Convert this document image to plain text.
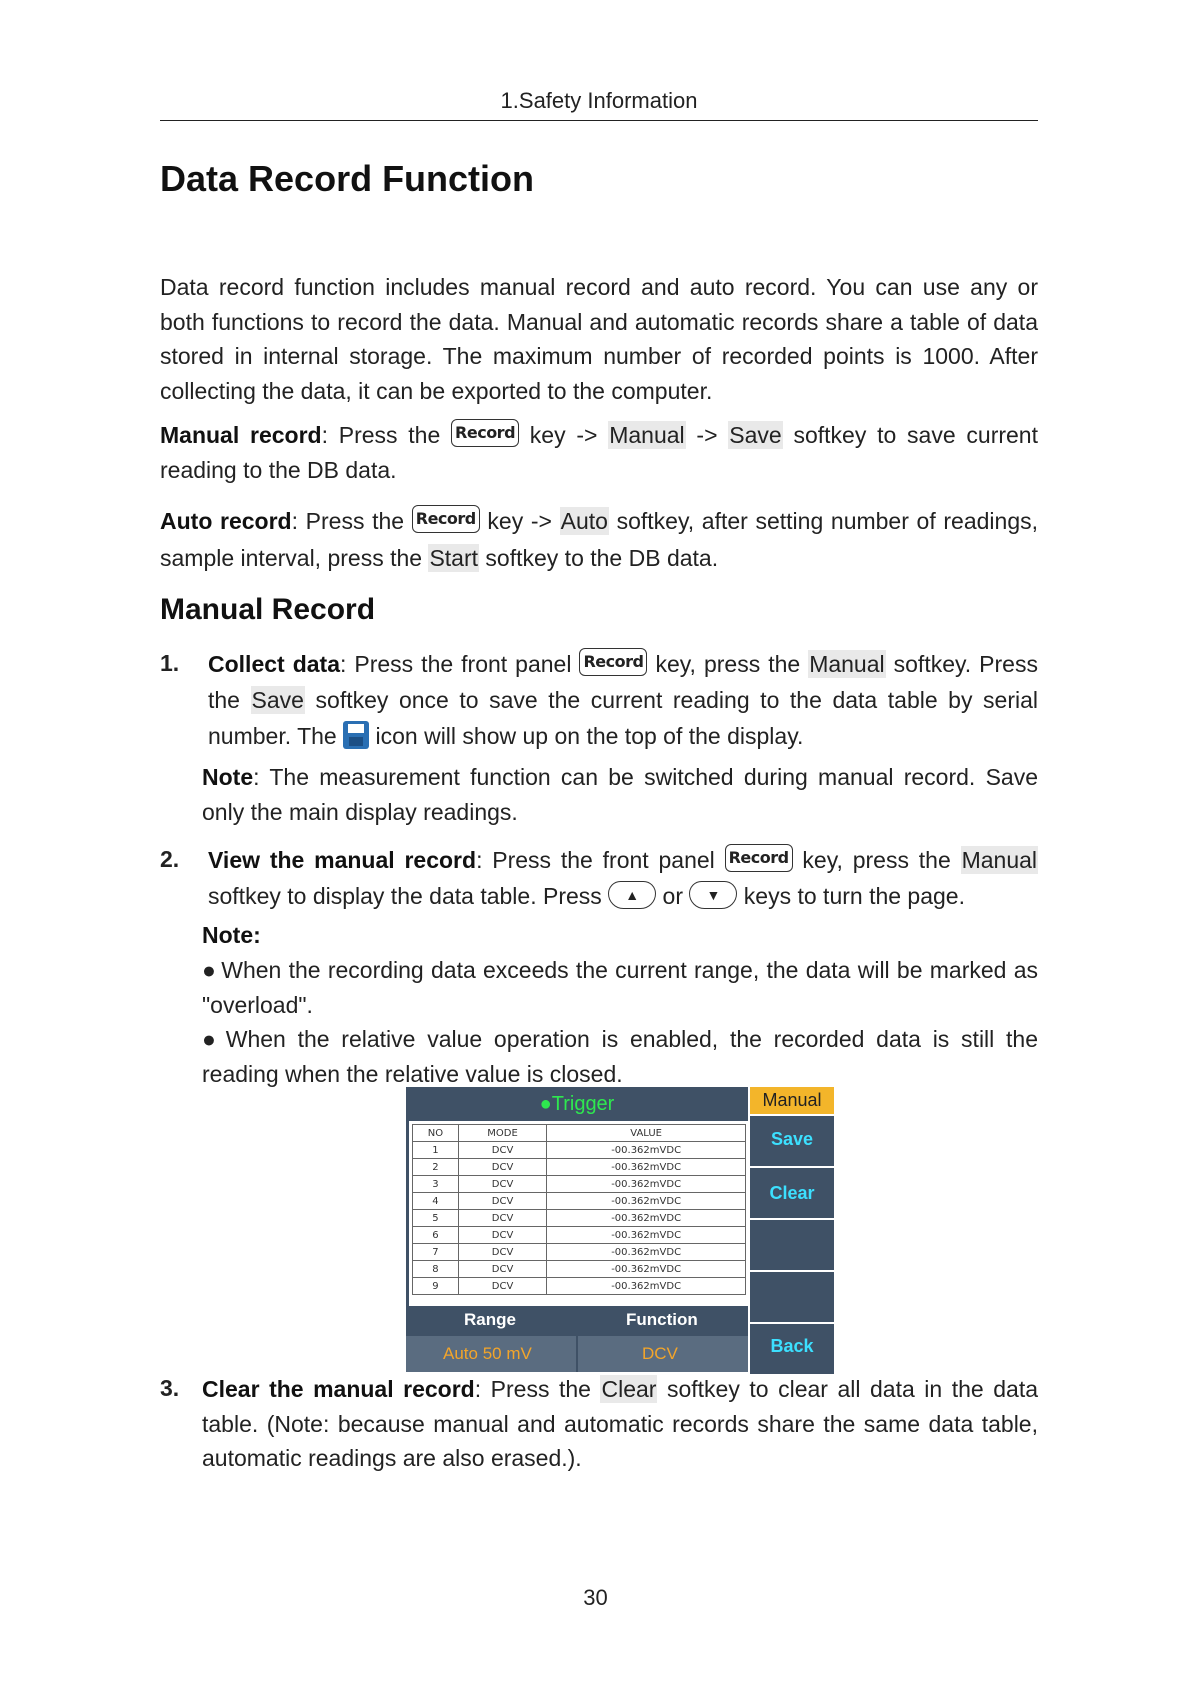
1.Safety Information
Data Record Function
Data record function includes manual record and auto record. You can use any or both functions to record the data. Manual and automatic records share a table of data stored in internal storage. The maximum number of recorded points is 1000. After collecting the data, it can be exported to the computer.
Manual record: Press the Record key -> Manual -> Save softkey to save current reading to the DB data.
Auto record: Press the Record key -> Auto softkey, after setting number of readings, sample interval, press the Start softkey to the DB data.
Manual Record
1. Collect data: Press the front panel Record key, press the Manual softkey. Press the Save softkey once to save the current reading to the data table by serial number. The  icon will show up on the top of the display.
Note: The measurement function can be switched during manual record. Save only the main display readings.
2. View the manual record: Press the front panel Record key, press the Manual softkey to display the data table. Press ▲ or ▼ keys to turn the page.
Note:
● When the recording data exceeds the current range, the data will be marked as "overload".
● When the relative value operation is enabled, the recorded data is still the reading when the relative value is closed.
●Trigger
NO	MODE	VALUE
1	DCV	-00.362mVDC
2	DCV	-00.362mVDC
3	DCV	-00.362mVDC
4	DCV	-00.362mVDC
5	DCV	-00.362mVDC
6	DCV	-00.362mVDC
7	DCV	-00.362mVDC
8	DCV	-00.362mVDC
9	DCV	-00.362mVDC
Range	Function
Auto 50 mV	DCV
Manual
Save
Clear
Back
3. Clear the manual record: Press the Clear softkey to clear all data in the data table. (Note: because manual and automatic records share the same data table, automatic readings are also erased.).
30
